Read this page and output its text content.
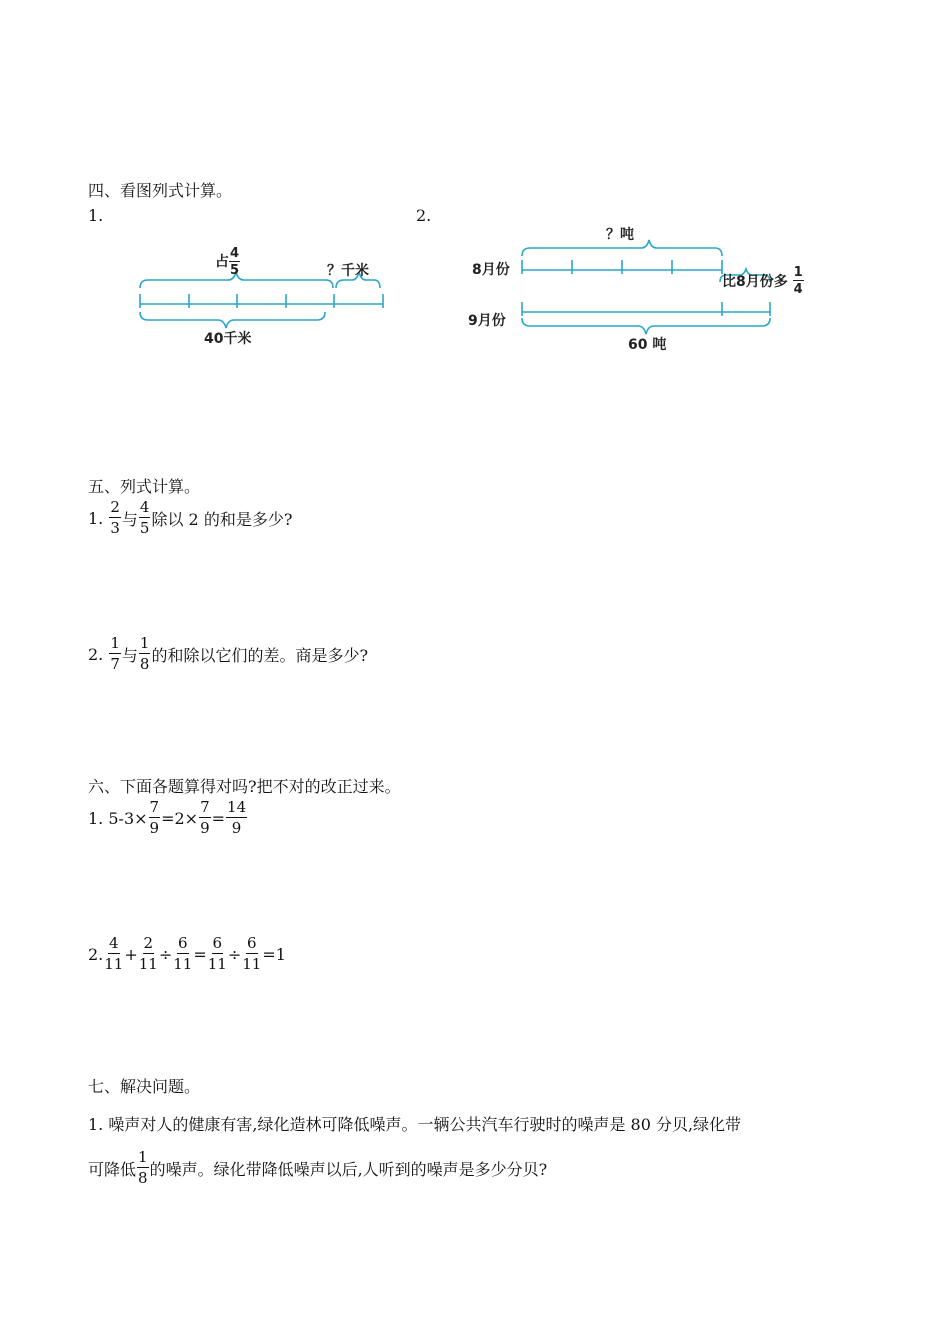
四、看图列式计算。
1.	2.
占 $\frac{4}{5}$	？千米
40千米
？吨
8月份
9月份
比8月份多
$\frac{1}{4}$
60 吨
五、列式计算。
1.
$\frac{2}{3}$ 与 $\frac{4}{5}$ 除以 2 的和是多少?
2.
$\frac{1}{7}$ 与 $\frac{1}{8}$ 的和除以它们的差。商是多少?
六、下面各题算得对吗?把不对的改正过来。
1. $5-3\times \frac{7}{9} =2\times \frac{7}{9} = \frac{14}{9}$
2. $\frac{4}{11} + \frac{2}{11} \div \frac{6}{11} = \frac{6}{11} \div \frac{6}{11} =1$
七、解决问题。
1. 噪声对人的健康有害,绿化造林可降低噪声。一辆公共汽车行驶时的噪声是 80 分贝,绿化带
可降低 $\frac{1}{8}$ 的噪声。绿化带降低噪声以后,人听到的噪声是多少分贝?
